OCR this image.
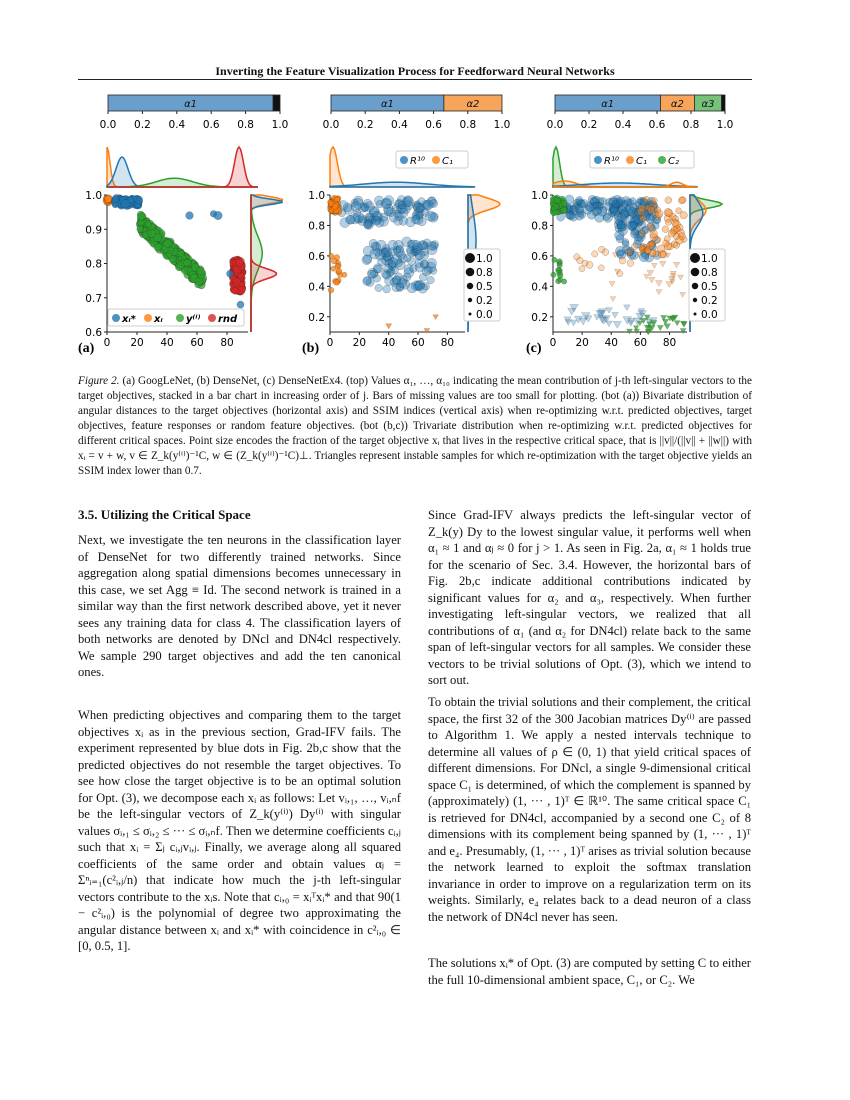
Inverting the Feature Visualization Process for Feedforward Neural Networks
α1
0.0 0.2 0.4 0.6 0.8 1.0
0 20 40 60 80
0.6
0.7
0.8
0.9
1.0
(a)
xᵢ* xᵢ y⁽ⁱ⁾ rnd
α1	α2
0.0 0.2 0.4 0.6 0.8 1.0
0 20 40 60 80
0.2
0.4
0.6
0.8
1.0
(b)
R¹⁰ C₁
1.0
0.8
0.5
0.2
0.0
α1	α2 α3
0.0 0.2 0.4 0.6 0.8 1.0
0 20 40 60 80
0.2
0.4
0.6
0.8
1.0
(c)
R¹⁰ C₁ C₂
1.0
0.8
0.5
0.2
0.0
Figure 2. (a) GoogLeNet, (b) DenseNet, (c) DenseNetEx4. (top) Values α₁, …, α₁₀ indicating the mean contribution of j-th left-singular vectors to the target objectives, stacked in a bar chart in increasing order of j. Bars of missing values are too small for plotting. (bot (a)) Bivariate distribution of angular distances to the target objectives (horizontal axis) and SSIM indices (vertical axis) when re-optimizing w.r.t. predicted objectives, target objectives, feature responses or random feature objectives. (bot (b,c)) Trivariate distribution when re-optimizing w.r.t. predicted objectives for different critical spaces. Point size encodes the fraction of the target objective xᵢ that lives in the respective critical space, that is ||v||/(||v|| + ||w||) with xᵢ = v + w, v ∈ Z_k(y⁽ⁱ⁾)⁻¹C, w ∈ (Z_k(y⁽ⁱ⁾)⁻¹C)⊥. Triangles represent instable samples for which re-optimization with the target objective yields an SSIM index lower than 0.7.
3.5. Utilizing the Critical Space
Next, we investigate the ten neurons in the classification layer of DenseNet for two differently trained networks. Since aggregation along spatial dimensions becomes unnecessary in this case, we set Agg ≡ Id. The second network is trained in a similar way than the first network described above, yet it never sees any training data for class 4. The classification layers of both networks are denoted by DNcl and DN4cl respectively. We sample 290 target objectives and add the ten canonical ones.
When predicting objectives and comparing them to the target objectives xᵢ as in the previous section, Grad-IFV fails. The experiment represented by blue dots in Fig. 2b,c show that the predicted objectives do not resemble the target objectives. To see how close the target objective is to be an optimal solution for Opt. (3), we decompose each xᵢ as follows: Let vᵢ,₁, …, vᵢ,ₙf be the left-singular vectors of Z_k(y⁽ⁱ⁾) Dy⁽ⁱ⁾ with singular values σᵢ,₁ ≤ σᵢ,₂ ≤ ··· ≤ σᵢ,ₙf. Then we determine coefficients cᵢ,ⱼ such that xᵢ = Σⱼ cᵢ,ⱼvᵢ,ⱼ. Finally, we average along all squared coefficients of the same order and obtain values αⱼ = Σⁿᵢ₌₁(c²ᵢ,ⱼ/n) that indicate how much the j-th left-singular vectors contribute to the xᵢs. Note that cᵢ,₀ = xᵢᵀxᵢ* and that 90(1 − c²ᵢ,₀) is the polynomial of degree two approximating the angular distance between xᵢ and xᵢ* with coincidence in c²ᵢ,₀ ∈ [0, 0.5, 1].
Since Grad-IFV always predicts the left-singular vector of Z_k(y) Dy to the lowest singular value, it performs well when α₁ ≈ 1 and αⱼ ≈ 0 for j > 1. As seen in Fig. 2a, α₁ ≈ 1 holds true for the scenario of Sec. 3.4. However, the horizontal bars of Fig. 2b,c indicate additional contributions indicated by significant values for α₂ and α₃, respectively. When further investigating left-singular vectors, we realized that all contributions of α₁ (and α₂ for DN4cl) relate back to the same span of left-singular vectors for all samples. We consider these vectors to be trivial solutions of Opt. (3), which we intend to sort out.
To obtain the trivial solutions and their complement, the critical space, the first 32 of the 300 Jacobian matrices Dy⁽ⁱ⁾ are passed to Algorithm 1. We apply a nested intervals technique to determine all values of ρ ∈ (0, 1) that yield critical spaces of different dimensions. For DNcl, a single 9-dimensional critical space C₁ is determined, of which the complement is spanned by (approximately) (1, ··· , 1)ᵀ ∈ ℝ¹⁰. The same critical space C₁ is retrieved for DN4cl, accompanied by a second one C₂ of 8 dimensions with its complement being spanned by (1, ··· , 1)ᵀ and e₄. Presumably, (1, ··· , 1)ᵀ arises as trivial solution because the network learned to exploit the softmax translation invariance in order to improve on a regularization term on its weights. Similarly, e₄ relates back to a dead neuron of a class the network of DN4cl never has seen.
The solutions xᵢ* of Opt. (3) are computed by setting C to either the full 10-dimensional ambient space, C₁, or C₂. We
